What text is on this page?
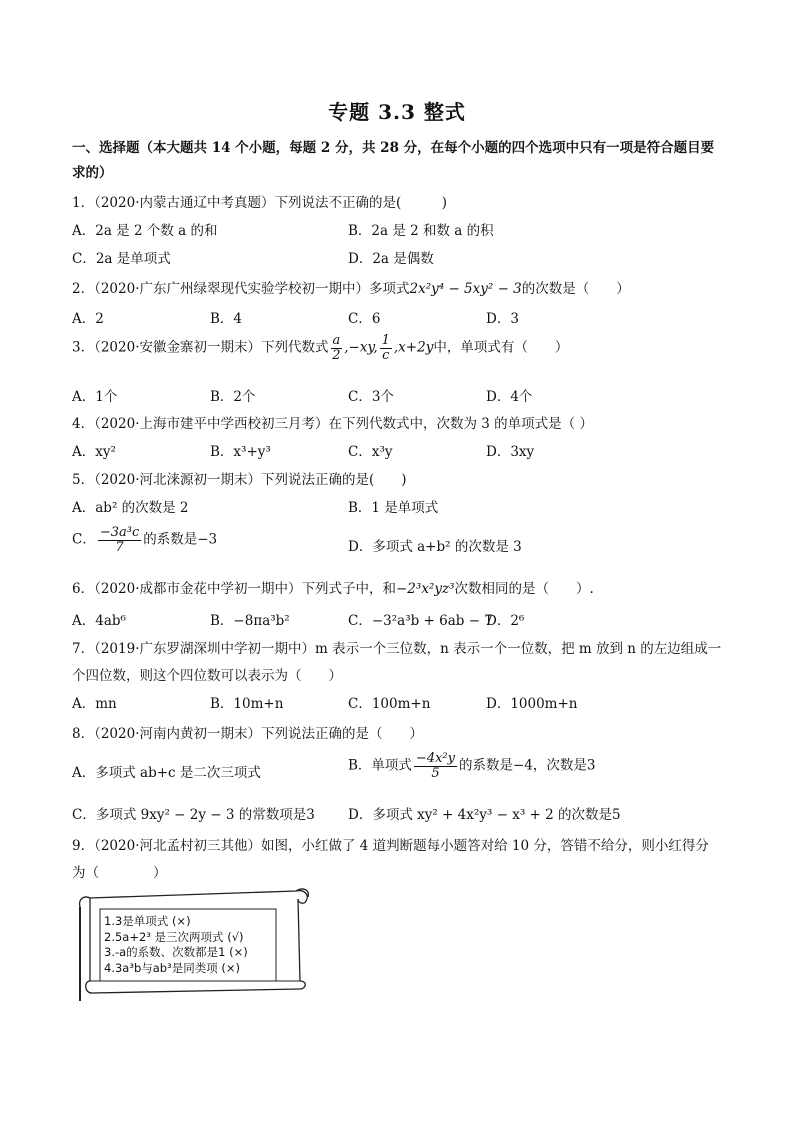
专题 3.3 整式
一、选择题（本大题共 14 个小题，每题 2 分，共 28 分，在每个小题的四个选项中只有一项是符合题目要
求的）
1．（2020·内蒙古通辽中考真题）下列说法不正确的是(　　　)
A．2a 是 2 个数 a 的和	B．2a 是 2 和数 a 的积
C．2a 是单项式	D．2a 是偶数
2．（2020·广东广州绿翠现代实验学校初一期中）多项式2x²y⁴ − 5xy² − 3的次数是（　　）
A．2	B．4	C．6	D．3
3．（2020·安徽金寨初一期末）下列代数式 $\frac{a}{2} ,-xy$, $\frac{1}{c} ,x+2y$中，单项式有（　　）
A．1个	B．2个	C．3个	D．4个
4．（2020·上海市建平中学西校初三月考）在下列代数式中，次数为 3 的单项式是（ ）
A．xy²	B．x³+y³	C．x³y	D．3xy
5．（2020·河北涞源初一期末）下列说法正确的是(　　)
A．ab² 的次数是 2	B．1 是单项式
C． $\frac{\text{−3a³c}}{7}$ 的系数是−3	D．多项式 a+b² 的次数是 3
6．（2020·成都市金花中学初一期中）下列式子中，和−2³x²yz³次数相同的是（　　）.
A．4ab⁶	B．−8πa³b²	C．−3²a³b + 6ab − 7
D．2⁶
7．（2019·广东罗湖深圳中学初一期中）m 表示一个三位数，n 表示一个一位数，把 m 放到 n 的左边组成一
个四位数，则这个四位数可以表示为（　　）
A．mn	B．10m+n	C．100m+n	D．1000m+n
8．（2020·河南内黄初一期末）下列说法正确的是（　　）
A．多项式 ab+c 是二次三项式	B．单项式 $\frac{\text{−4x²y}}{5}$ 的系数是−4，次数是3
C．多项式 9xy² − 2y − 3 的常数项是3 D．多项式 xy² + 4x²y³ − x³ + 2 的次数是5
9．（2020·河北孟村初三其他）如图，小红做了 4 道判断题每小题答对给 10 分，答错不给分，则小红得分
为（　　　　）
1.3是单项式 (×)
2.5a+2³ 是三次两项式 (√)
3.-a的系数、次数都是1 (×)
4.3a³b与ab³是同类项 (×)
